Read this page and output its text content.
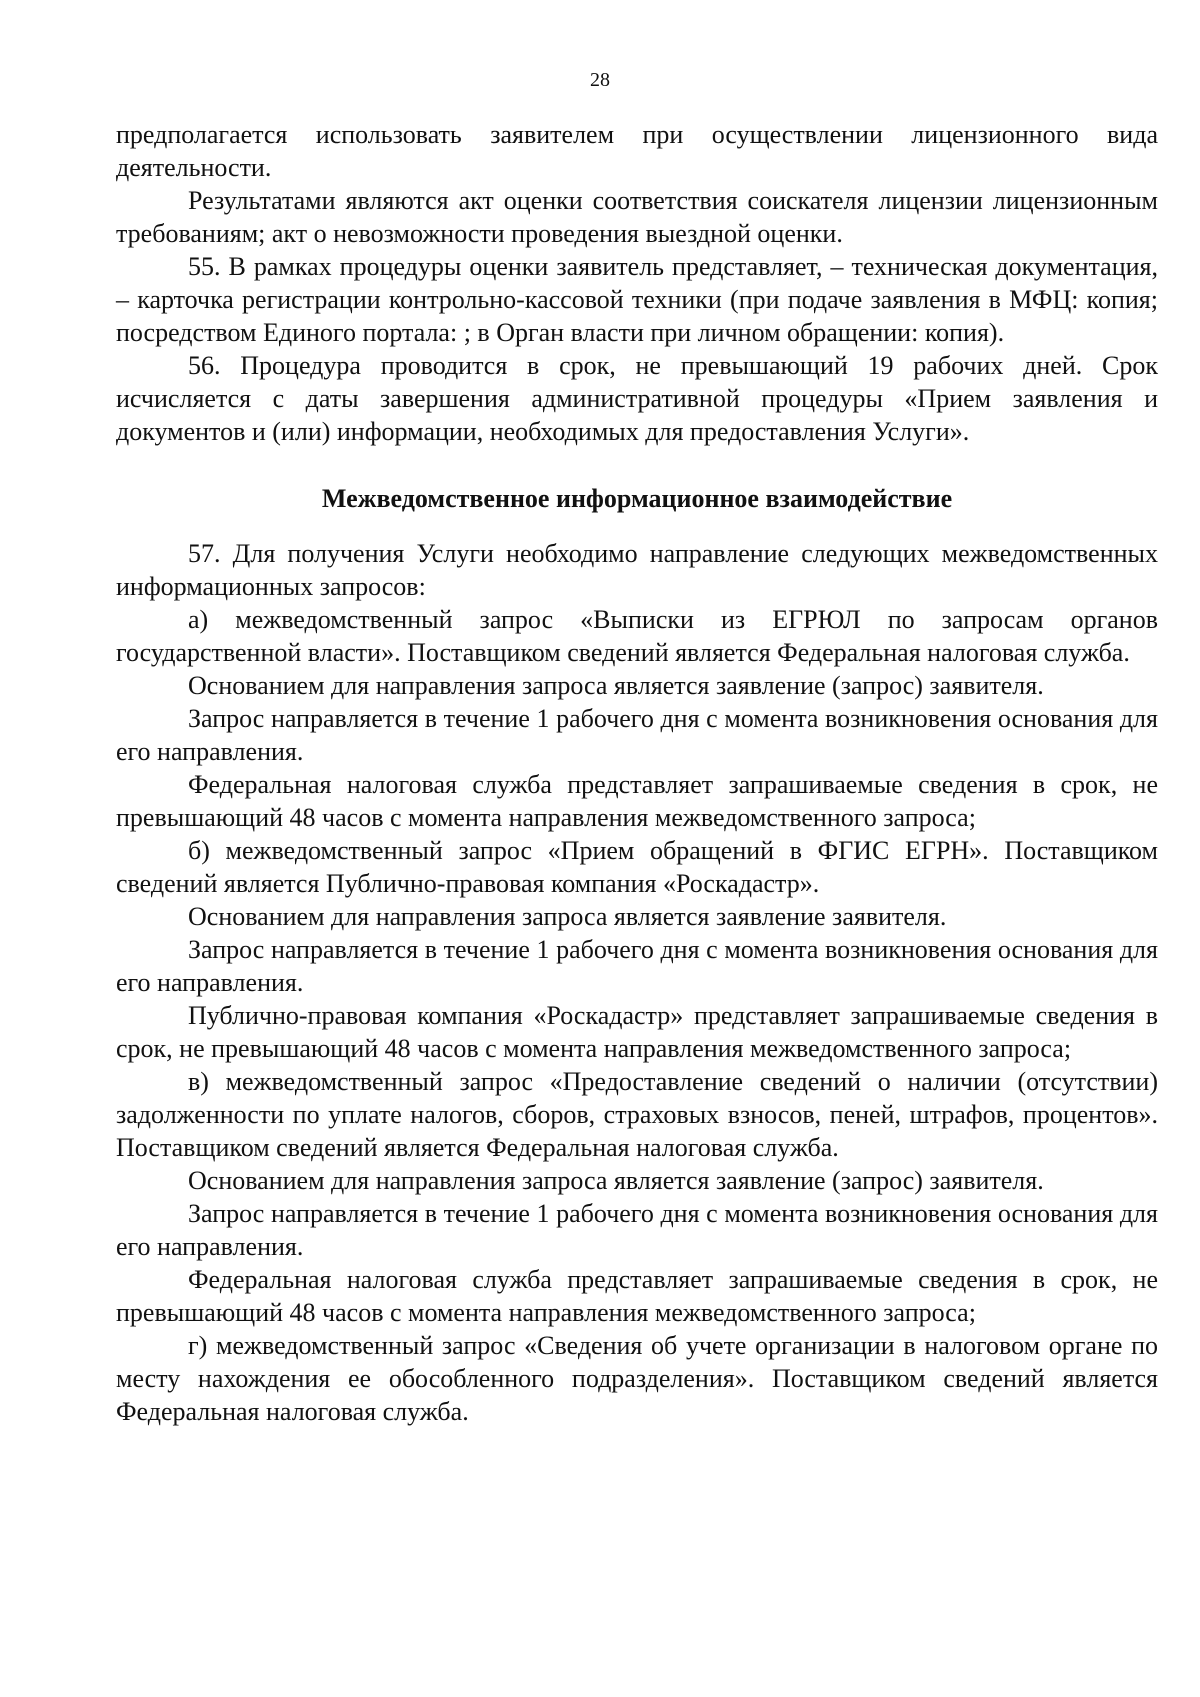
28

предполагается использовать заявителем при осуществлении лицензионного вида деятельности.

Результатами являются акт оценки соответствия соискателя лицензии лицензионным требованиям; акт о невозможности проведения выездной оценки.

55. В рамках процедуры оценки заявитель представляет, – техническая документация, – карточка регистрации контрольно-кассовой техники (при подаче заявления в МФЦ: копия; посредством Единого портала: ; в Орган власти при личном обращении: копия).

56. Процедура проводится в срок, не превышающий 19 рабочих дней. Срок исчисляется с даты завершения административной процедуры «Прием заявления и документов и (или) информации, необходимых для предоставления Услуги».

Межведомственное информационное взаимодействие

57. Для получения Услуги необходимо направление следующих межведомственных информационных запросов:

а) межведомственный запрос «Выписки из ЕГРЮЛ по запросам органов государственной власти». Поставщиком сведений является Федеральная налоговая служба.

Основанием для направления запроса является заявление (запрос) заявителя.

Запрос направляется в течение 1 рабочего дня с момента возникновения основания для его направления.

Федеральная налоговая служба представляет запрашиваемые сведения в срок, не превышающий 48 часов с момента направления межведомственного запроса;

б) межведомственный запрос «Прием обращений в ФГИС ЕГРН». Поставщиком сведений является Публично-правовая компания «Роскадастр».

Основанием для направления запроса является заявление заявителя.

Запрос направляется в течение 1 рабочего дня с момента возникновения основания для его направления.

Публично-правовая компания «Роскадастр» представляет запрашиваемые сведения в срок, не превышающий 48 часов с момента направления межведомственного запроса;

в) межведомственный запрос «Предоставление сведений о наличии (отсутствии) задолженности по уплате налогов, сборов, страховых взносов, пеней, штрафов, процентов». Поставщиком сведений является Федеральная налоговая служба.

Основанием для направления запроса является заявление (запрос) заявителя.

Запрос направляется в течение 1 рабочего дня с момента возникновения основания для его направления.

Федеральная налоговая служба представляет запрашиваемые сведения в срок, не превышающий 48 часов с момента направления межведомственного запроса;

г) межведомственный запрос «Сведения об учете организации в налоговом органе по месту нахождения ее обособленного подразделения». Поставщиком сведений является Федеральная налоговая служба.
